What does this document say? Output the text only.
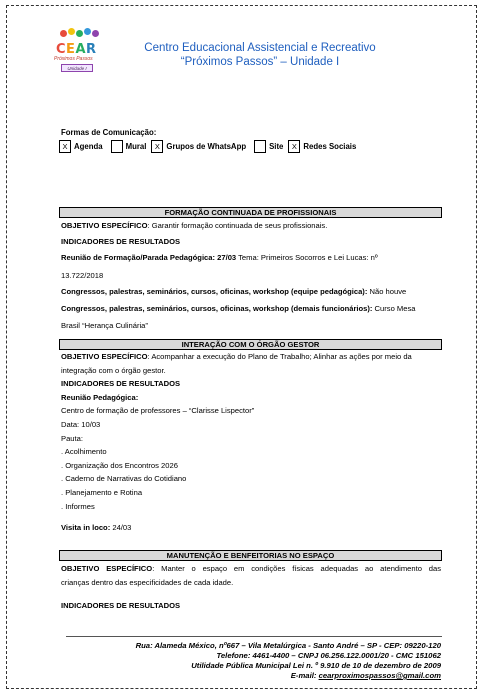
CEAR
Próximos Passos
Unidade I
Centro Educacional Assistencial e Recreativo
“Próximos Passos” – Unidade I
Formas de Comunicação:
X Agenda	Mural	X Grupos de WhatsApp	Site	X Redes Sociais
FORMAÇÃO CONTINUADA DE PROFISSIONAIS
OBJETIVO ESPECÍFICO: Garantir formação continuada de seus profissionais.
INDICADORES DE RESULTADOS
Reunião de Formação/Parada Pedagógica: 27/03 Tema: Primeiros Socorros e Lei Lucas: nº
13.722/2018
Congressos, palestras, seminários, cursos, oficinas, workshop (equipe pedagógica): Não houve
Congressos, palestras, seminários, cursos, oficinas, workshop (demais funcionários): Curso Mesa
Brasil “Herança Culinária”
INTERAÇÃO COM O ÓRGÃO GESTOR
OBJETIVO ESPECÍFICO: Acompanhar a execução do Plano de Trabalho; Alinhar as ações por meio da
integração com o órgão gestor.
INDICADORES DE RESULTADOS
Reunião Pedagógica:
Centro de formação de professores – “Clarisse Lispector”
Data: 10/03
Pauta:
. Acolhimento
. Organização dos Encontros 2026
. Caderno de Narrativas do Cotidiano
. Planejamento e Rotina
. Informes
Visita in loco: 24/03
MANUTENÇÃO E BENFEITORIAS NO ESPAÇO
OBJETIVO ESPECÍFICO: Manter o espaço em condições físicas adequadas ao atendimento das
crianças dentro das especificidades de cada idade.
INDICADORES DE RESULTADOS
Rua: Alameda México, nº667 – Vila Metalúrgica - Santo André – SP - CEP: 09220-120
Telefone: 4461-4400 – CNPJ 06.256.122.0001/20 - CMC 151062
Utilidade Pública Municipal Lei n. º 9.910 de 10 de dezembro de 2009
E-mail: cearproximospassos@gmail.com
